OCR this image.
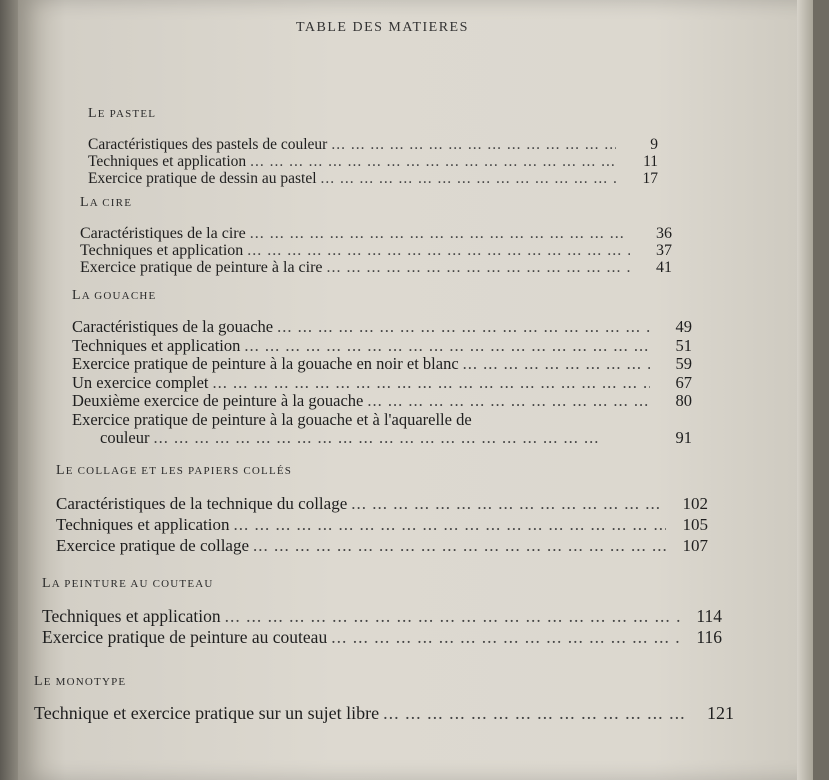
TABLE DES MATIERES
LE PASTEL
Caractéristiques des pastels de couleur ... .	9
Techniques et application ... .	11
Exercice pratique de dessin au pastel ... .	17
LA CIRE
Caractéristiques de la cire ... .	36
Techniques et application ... .	37
Exercice pratique de peinture à la cire ... .	41
LA GOUACHE
Caractéristiques de la gouache ... .	49
Techniques et application ... .	51
Exercice pratique de peinture à la gouache en noir et blanc ... .	59
Un exercice complet ... .	67
Deuxième exercice de peinture à la gouache ... .	80
Exercice pratique de peinture à la gouache et à l'aquarelle de
couleur ... .	91
LE COLLAGE ET LES PAPIERS COLLÉS
Caractéristiques de la technique du collage ... .	102
Techniques et application ... .	105
Exercice pratique de collage ... .	107
LA PEINTURE AU COUTEAU
Techniques et application ... .	114
Exercice pratique de peinture au couteau ... .	116
LE MONOTYPE
Technique et exercice pratique sur un sujet libre ... .	121
